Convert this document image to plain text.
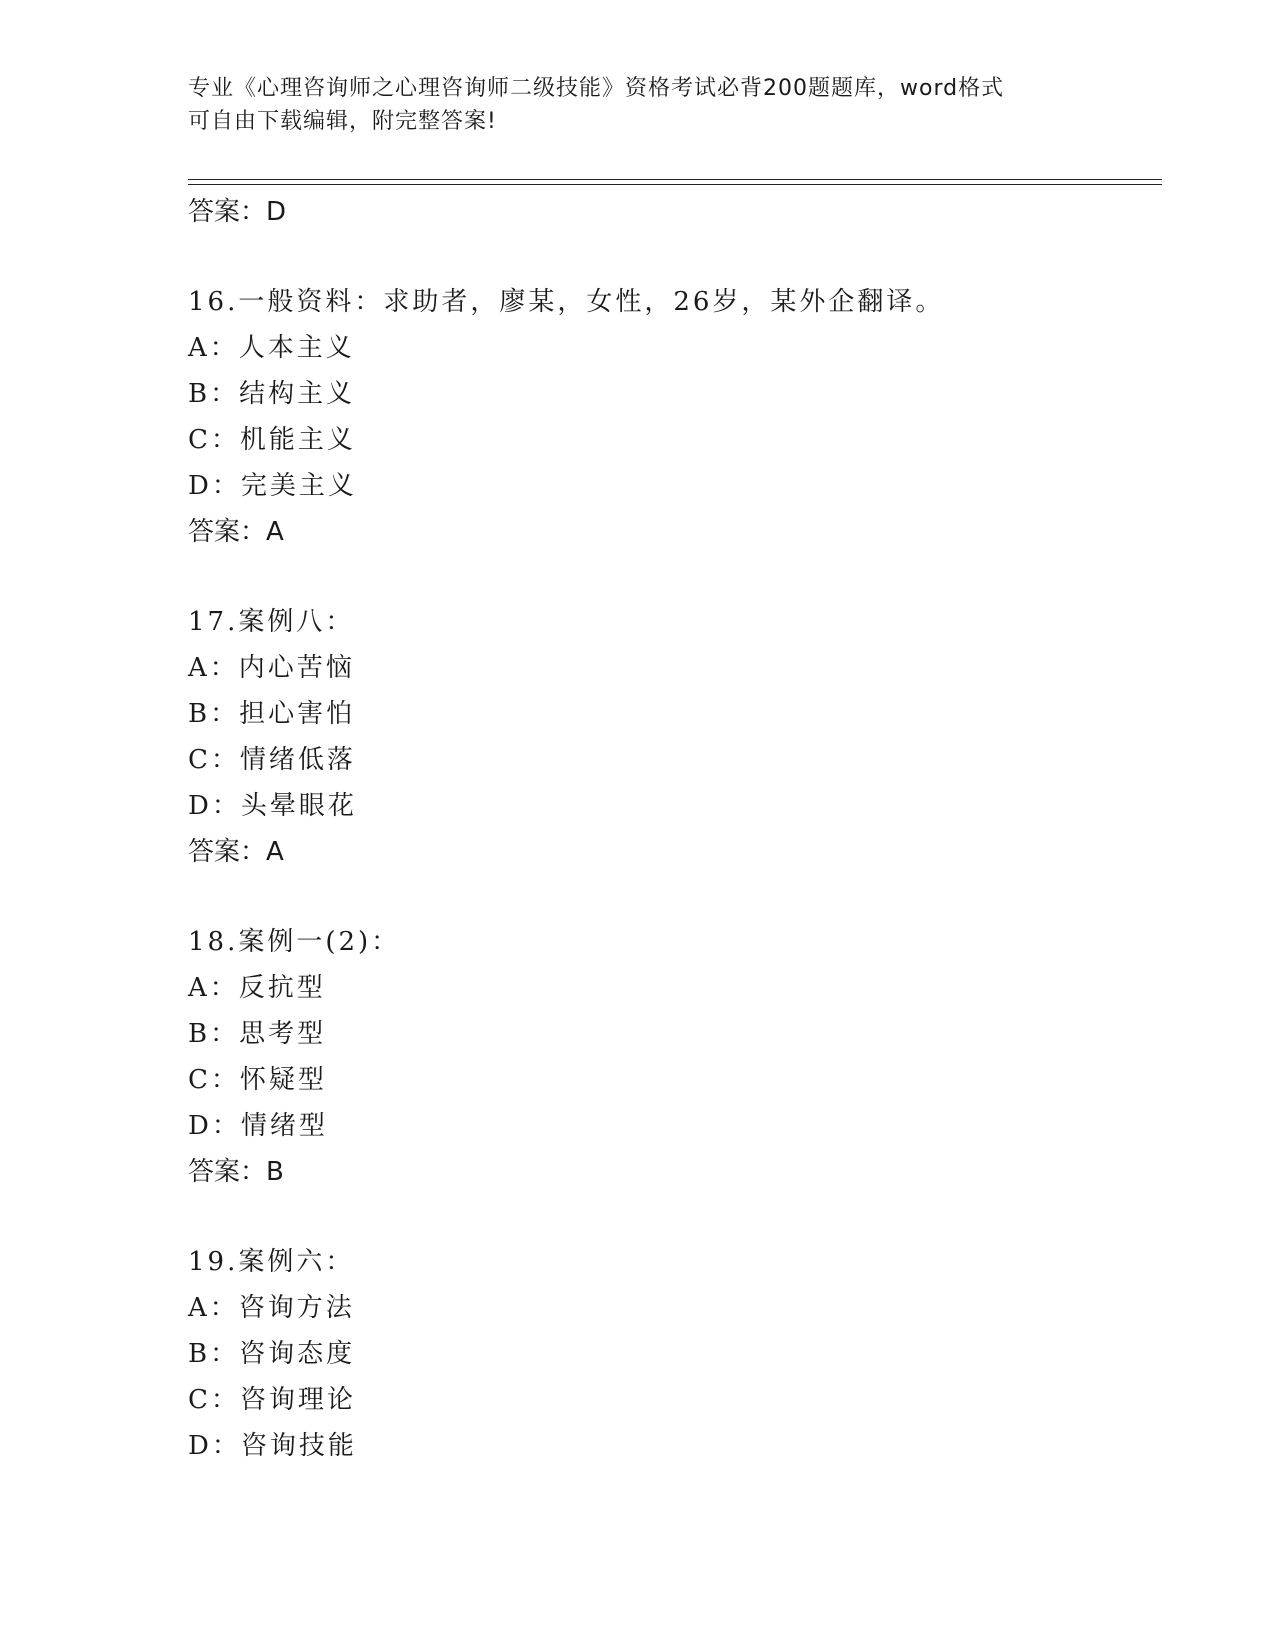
专业《心理咨询师之心理咨询师二级技能》资格考试必背200题题库，word格式
可自由下载编辑，附完整答案!
答案：D
16.一般资料：求助者，廖某，女性，26岁，某外企翻译。
A：人本主义
B：结构主义
C：机能主义
D：完美主义
答案：A
17.案例八：
A：内心苦恼
B：担心害怕
C：情绪低落
D：头晕眼花
答案：A
18.案例一(2)：
A：反抗型
B：思考型
C：怀疑型
D：情绪型
答案：B
19.案例六：
A：咨询方法
B：咨询态度
C：咨询理论
D：咨询技能
